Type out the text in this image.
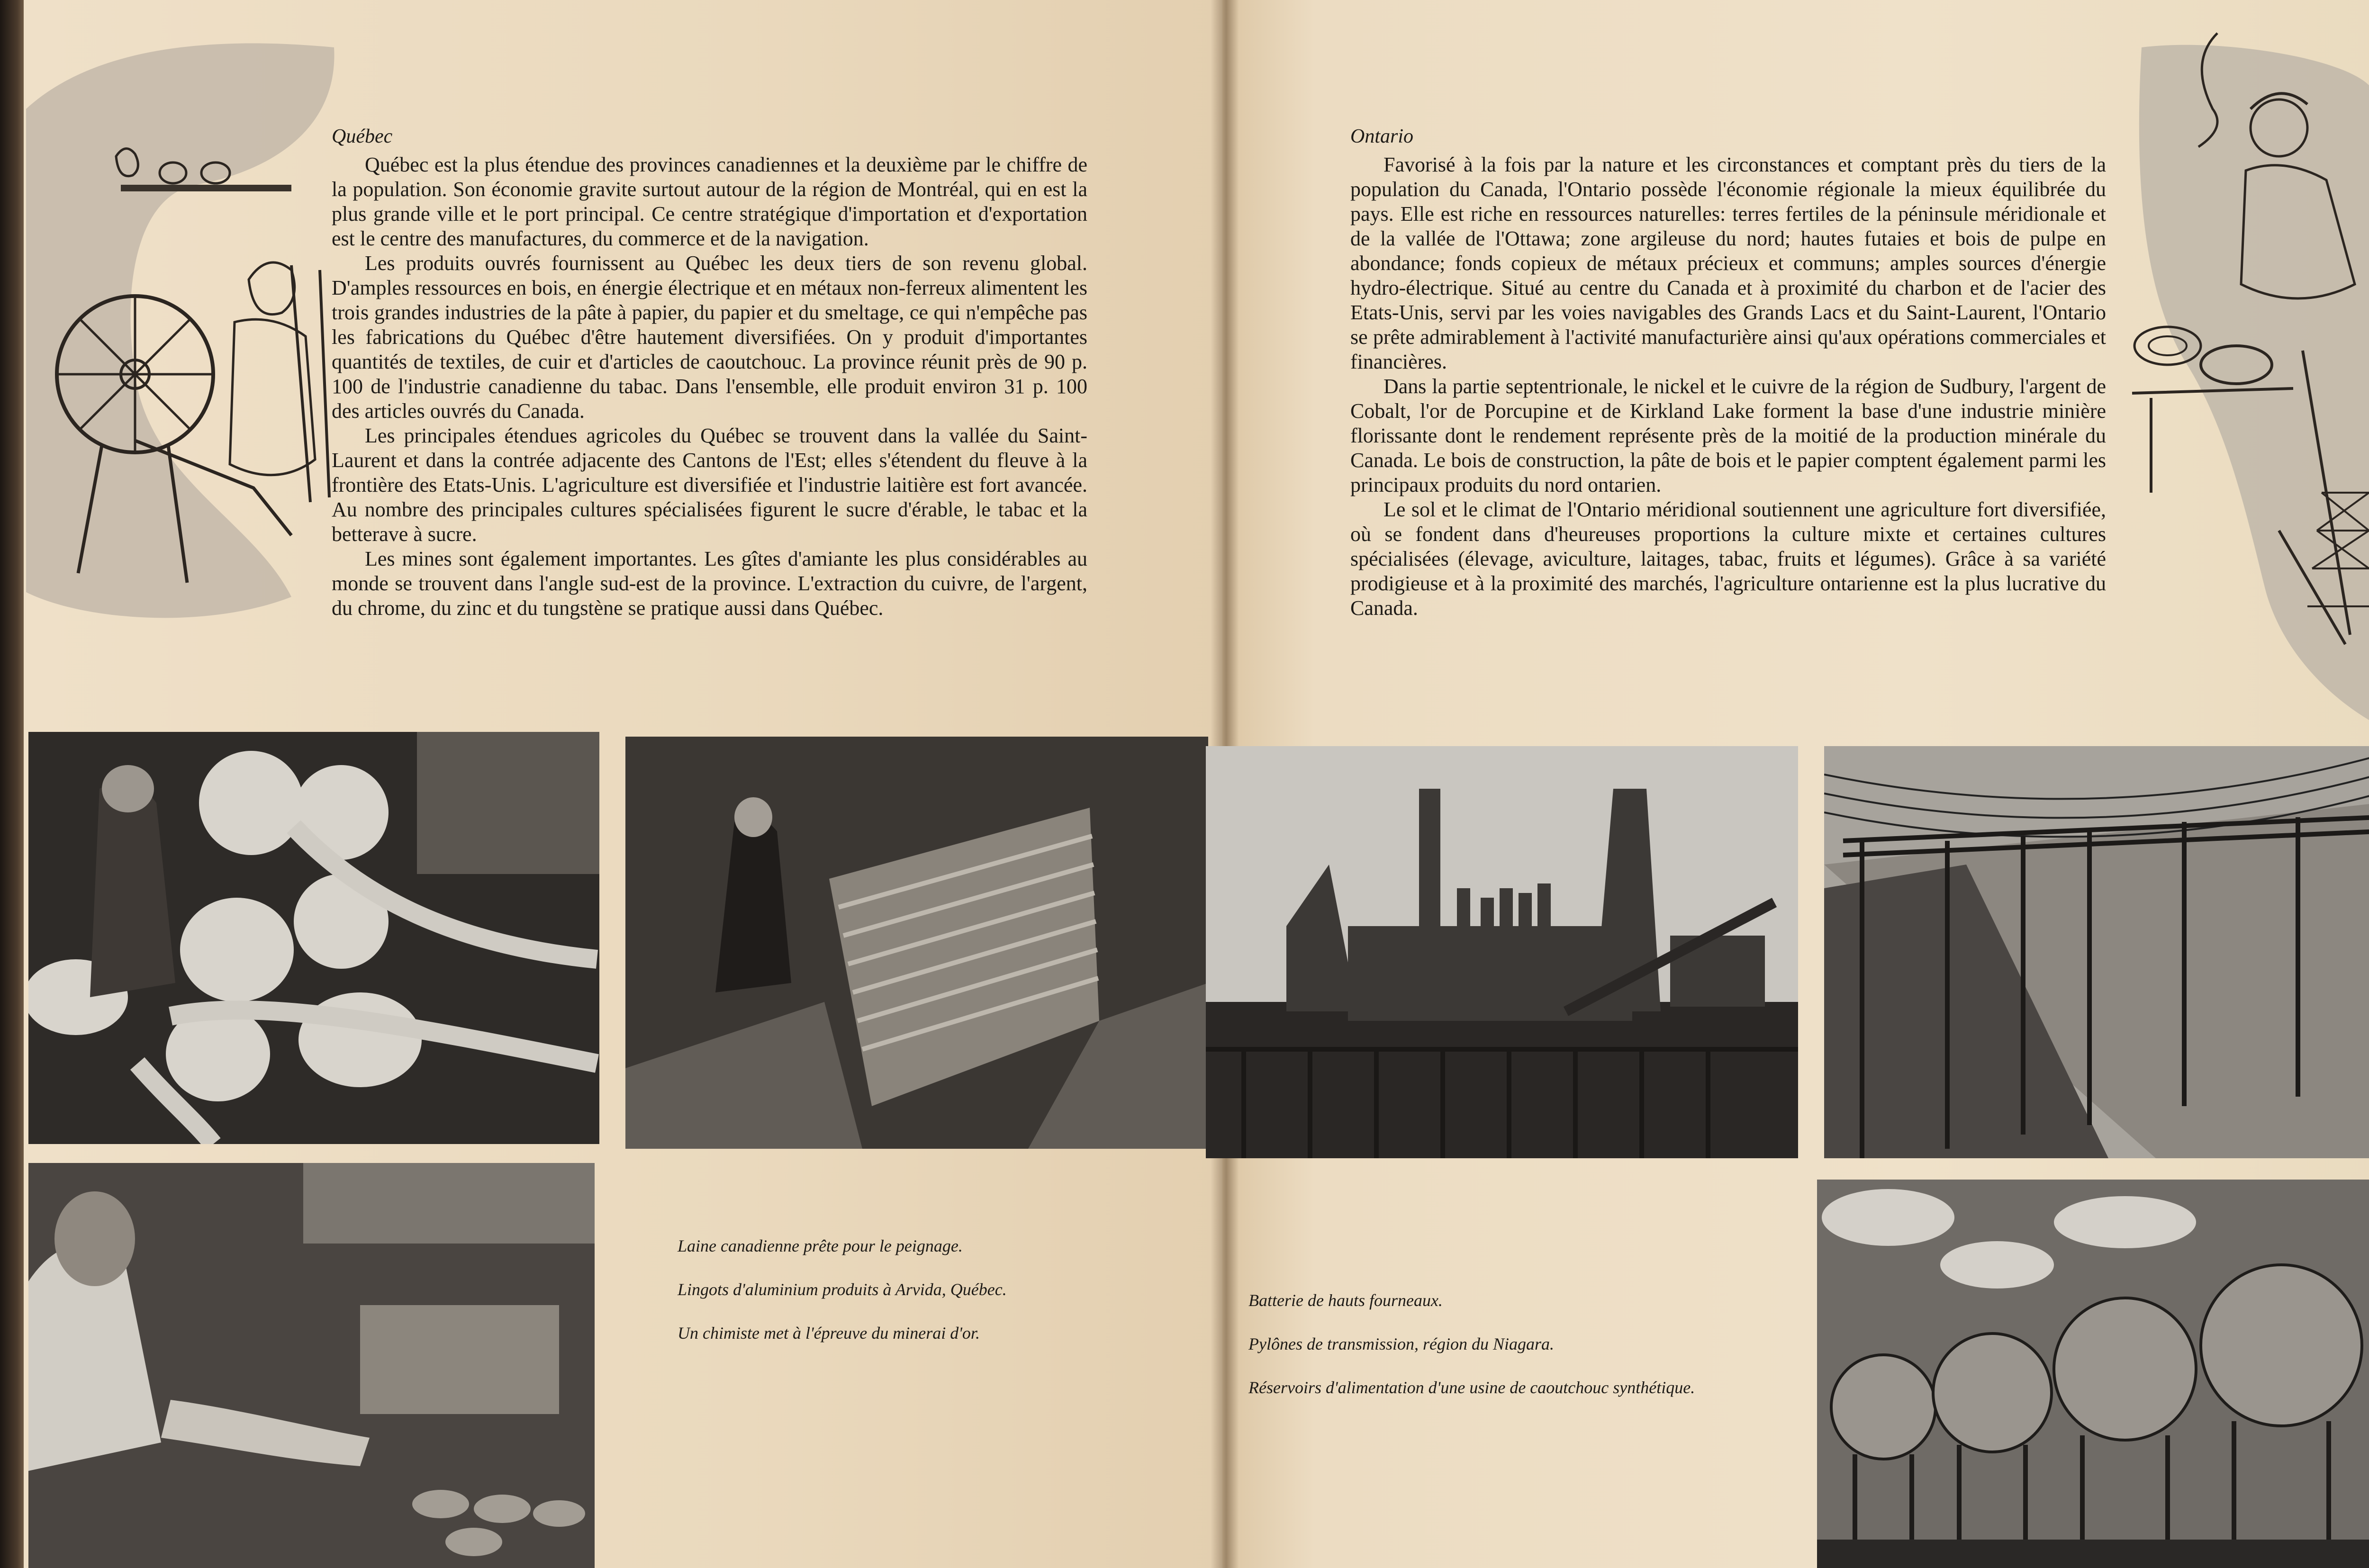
Québec

Québec est la plus étendue des provinces canadiennes et la deuxième par le chiffre de la population. Son économie gravite surtout autour de la région de Montréal, qui en est la plus grande ville et le port principal. Ce centre stratégique d'importation et d'exportation est le centre des manufactures, du commerce et de la navigation.

Les produits ouvrés fournissent au Québec les deux tiers de son revenu global. D'amples ressources en bois, en énergie électrique et en métaux non-ferreux alimentent les trois grandes industries de la pâte à papier, du papier et du smeltage, ce qui n'empêche pas les fabrications du Québec d'être hautement diversifiées. On y produit d'importantes quantités de textiles, de cuir et d'articles de caoutchouc. La province réunit près de 90 p. 100 de l'industrie canadienne du tabac. Dans l'ensemble, elle produit environ 31 p. 100 des articles ouvrés du Canada.

Les principales étendues agricoles du Québec se trouvent dans la vallée du Saint-Laurent et dans la contrée adjacente des Cantons de l'Est; elles s'étendent du fleuve à la frontière des Etats-Unis. L'agriculture est diversifiée et l'industrie laitière est fort avancée. Au nombre des principales cultures spécialisées figurent le sucre d'érable, le tabac et la betterave à sucre.

Les mines sont également importantes. Les gîtes d'amiante les plus considérables au monde se trouvent dans l'angle sud-est de la province. L'extraction du cuivre, de l'argent, du chrome, du zinc et du tungstène se pratique aussi dans Québec.

Ontario

Favorisé à la fois par la nature et les circonstances et comptant près du tiers de la population du Canada, l'Ontario possède l'économie régionale la mieux équilibrée du pays. Elle est riche en ressources naturelles: terres fertiles de la péninsule méridionale et de la vallée de l'Ottawa; zone argileuse du nord; hautes futaies et bois de pulpe en abondance; fonds copieux de métaux précieux et communs; amples sources d'énergie hydro-électrique. Situé au centre du Canada et à proximité du charbon et de l'acier des Etats-Unis, servi par les voies navigables des Grands Lacs et du Saint-Laurent, l'Ontario se prête admirablement à l'activité manufacturière ainsi qu'aux opérations commerciales et financières.

Dans la partie septentrionale, le nickel et le cuivre de la région de Sudbury, l'argent de Cobalt, l'or de Porcupine et de Kirkland Lake forment la base d'une industrie minière florissante dont le rendement représente près de la moitié de la production minérale du Canada. Le bois de construction, la pâte de bois et le papier comptent également parmi les principaux produits du nord ontarien.

Le sol et le climat de l'Ontario méridional soutiennent une agriculture fort diversifiée, où se fondent dans d'heureuses proportions la culture mixte et certaines cultures spécialisées (élevage, aviculture, laitages, tabac, fruits et légumes). Grâce à sa variété prodigieuse et à la proximité des marchés, l'agriculture ontarienne est la plus lucrative du Canada.

Laine canadienne prête pour le peignage.
Lingots d'aluminium produits à Arvida, Québec.
Un chimiste met à l'épreuve du minerai d'or.
Batterie de hauts fourneaux.
Pylônes de transmission, région du Niagara.
Réservoirs d'alimentation d'une usine de caoutchouc synthétique.
